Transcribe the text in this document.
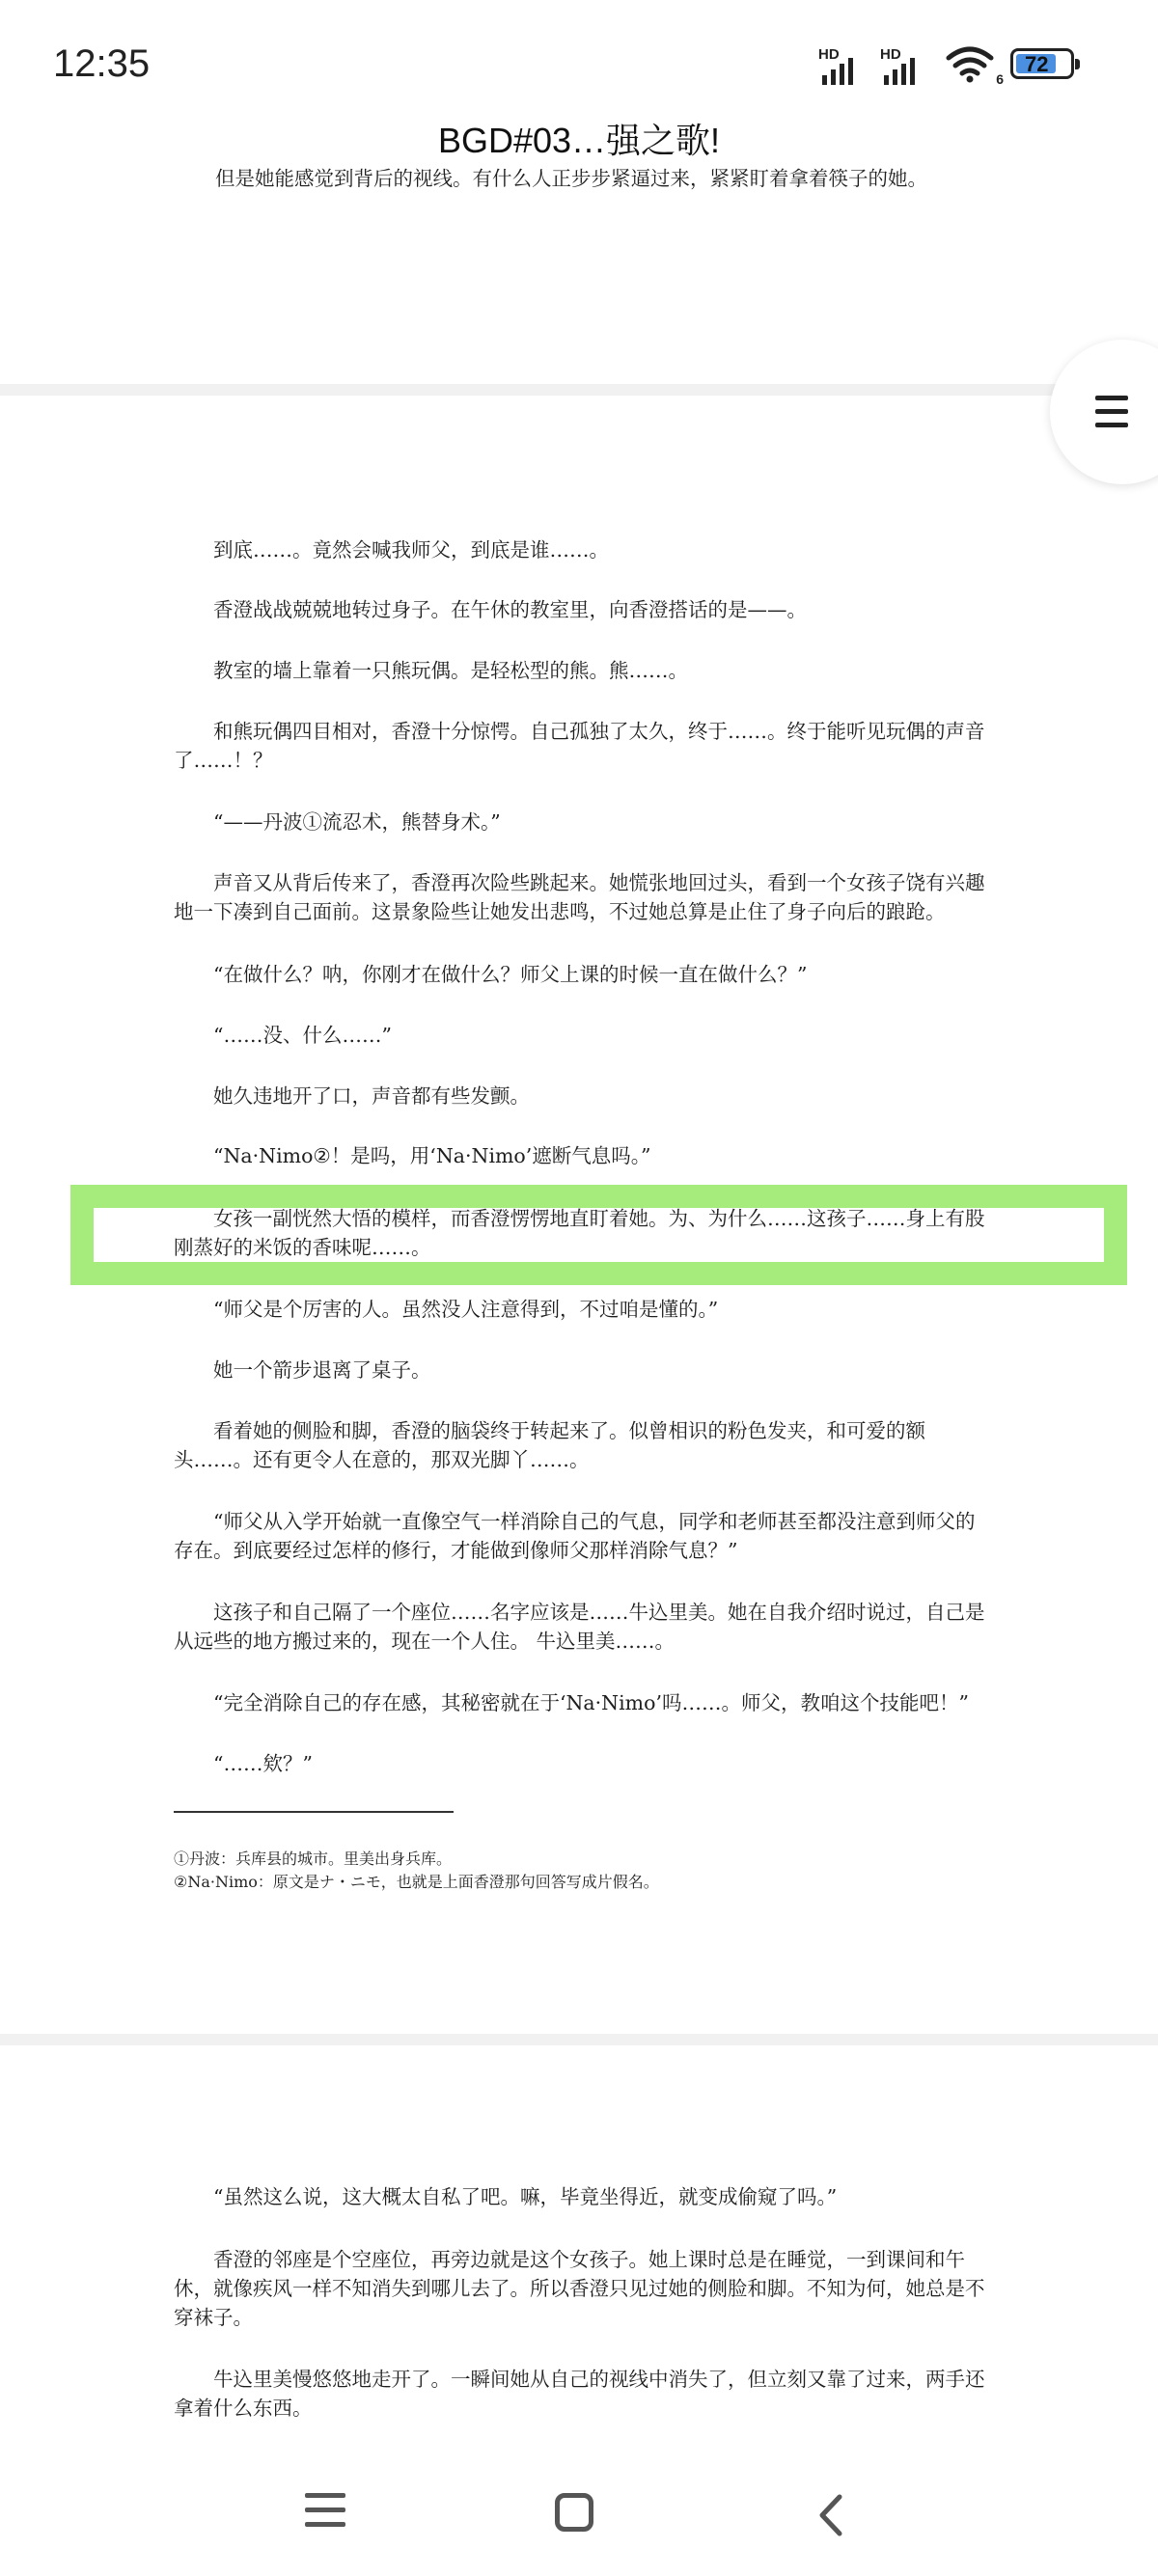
12:35	HD	HD
6
72
BGD#03…强之歌!

但是她能感觉到背后的视线。有什么人正步步紧逼过来，紧紧盯着拿着筷子的她。

到底……。竟然会喊我师父，到底是谁……。

香澄战战兢兢地转过身子。在午休的教室里，向香澄搭话的是——。

教室的墙上靠着一只熊玩偶。是轻松型的熊。熊……。

和熊玩偶四目相对，香澄十分惊愕。自己孤独了太久，终于……。终于能听见玩偶的声音了……！？

“——丹波①流忍术，熊替身术。”

声音又从背后传来了，香澄再次险些跳起来。她慌张地回过头，看到一个女孩子饶有兴趣地一下凑到自己面前。这景象险些让她发出悲鸣，不过她总算是止住了身子向后的踉跄。

“在做什么？呐，你刚才在做什么？师父上课的时候一直在做什么？”

“……没、什么……”

她久违地开了口，声音都有些发颤。

“Na·Nimo②！是吗，用‘Na·Nimo’遮断气息吗。”

女孩一副恍然大悟的模样，而香澄愣愣地直盯着她。为、为什么……这孩子……身上有股刚蒸好的米饭的香味呢……。

“师父是个厉害的人。虽然没人注意得到，不过咱是懂的。”

她一个箭步退离了桌子。

看着她的侧脸和脚，香澄的脑袋终于转起来了。似曾相识的粉色发夹，和可爱的额头……。还有更令人在意的，那双光脚丫……。

“师父从入学开始就一直像空气一样消除自己的气息，同学和老师甚至都没注意到师父的存在。到底要经过怎样的修行，才能做到像师父那样消除气息？”

这孩子和自己隔了一个座位……名字应该是……牛込里美。她在自我介绍时说过，自己是从远些的地方搬过来的，现在一个人住。 牛込里美……。

“完全消除自己的存在感，其秘密就在于‘Na·Nimo’吗……。师父，教咱这个技能吧！”

“……欸？”

①丹波：兵库县的城市。里美出身兵库。
②Na·Nimo：原文是ナ・ニモ，也就是上面香澄那句回答写成片假名。

“虽然这么说，这大概太自私了吧。嘛，毕竟坐得近，就变成偷窥了吗。”

香澄的邻座是个空座位，再旁边就是这个女孩子。她上课时总是在睡觉，一到课间和午休，就像疾风一样不知消失到哪儿去了。所以香澄只见过她的侧脸和脚。不知为何，她总是不穿袜子。

牛込里美慢悠悠地走开了。一瞬间她从自己的视线中消失了，但立刻又靠了过来，两手还拿着什么东西。
